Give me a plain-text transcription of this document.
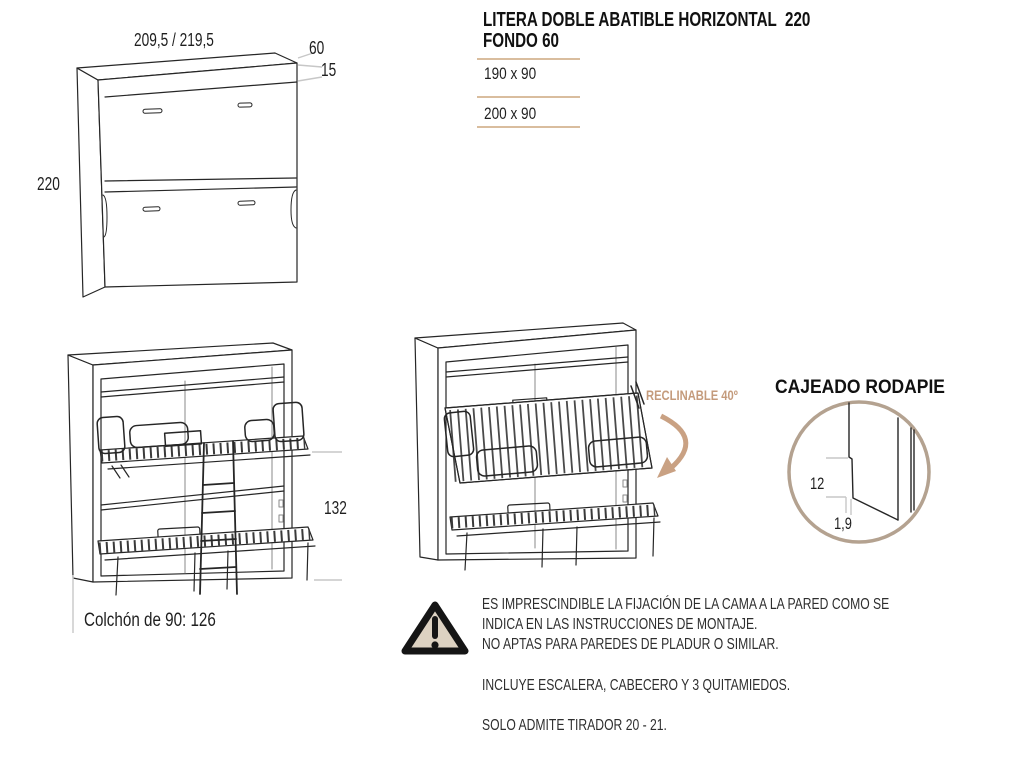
209,5 / 219,5	60
15
220
LITERA DOBLE ABATIBLE HORIZONTAL  220
FONDO 60
190 x 90
200 x 90
132
Colchón de 90: 126
RECLINABLE 40º	CAJEADO RODAPIE
12
1,9
ES IMPRESCINDIBLE LA FIJACIÓN DE LA CAMA A LA PARED COMO SE
INDICA EN LAS INSTRUCCIONES DE MONTAJE.
NO APTAS PARA PAREDES DE PLADUR O SIMILAR.
INCLUYE ESCALERA, CABECERO Y 3 QUITAMIEDOS.
SOLO ADMITE TIRADOR 20 - 21.
